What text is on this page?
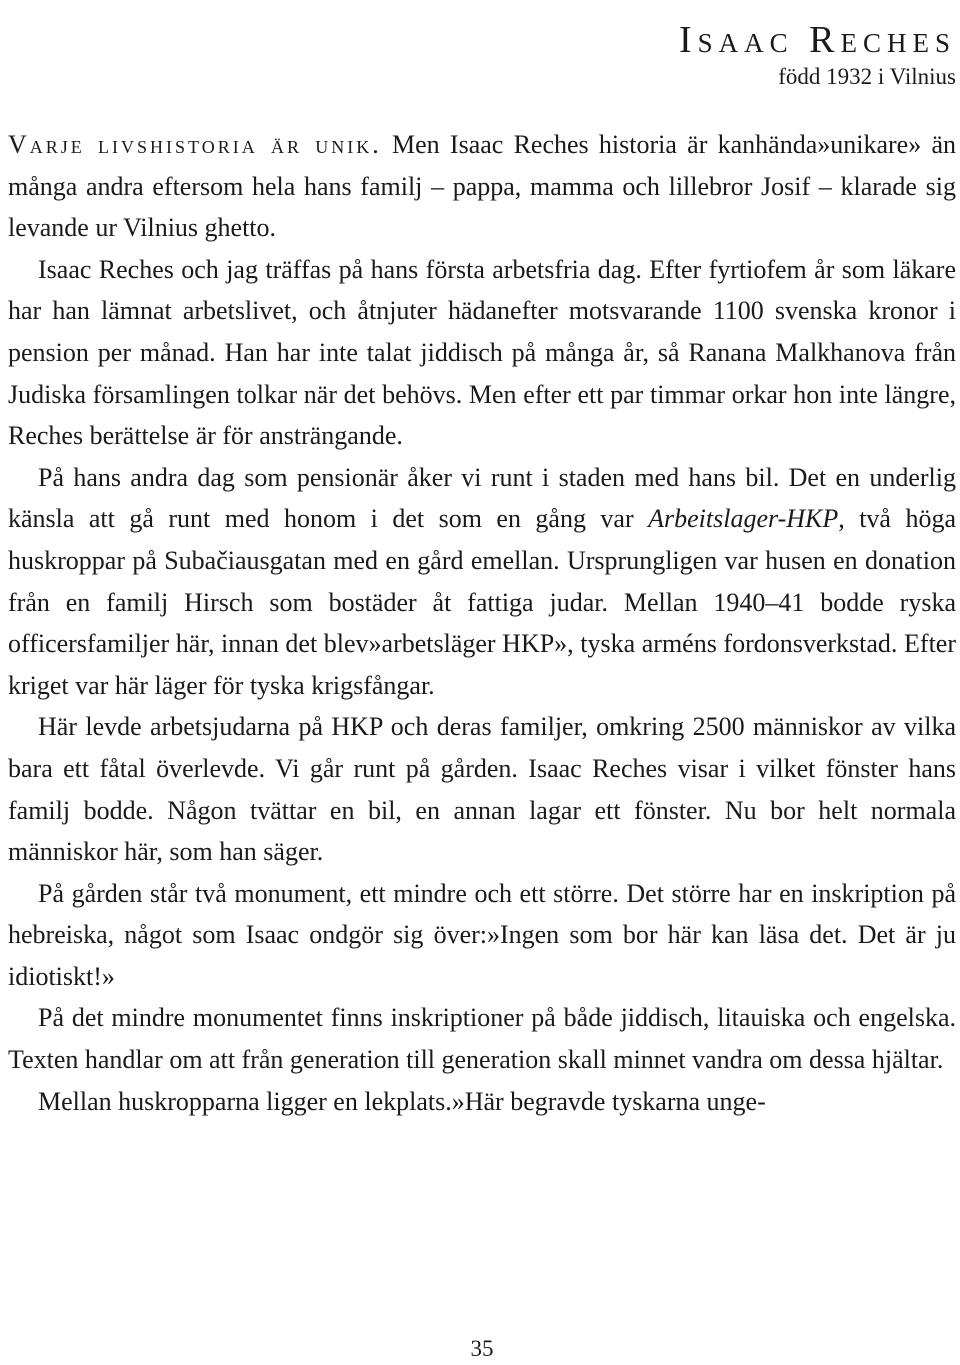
Isaac Reches
född 1932 i Vilnius

Varje livshistoria är unik. Men Isaac Reches historia är kanhända»unikare» än många andra eftersom hela hans familj – pappa, mamma och lillebror Josif – klarade sig levande ur Vilnius ghetto.

Isaac Reches och jag träffas på hans första arbetsfria dag. Efter fyrtiofem år som läkare har han lämnat arbetslivet, och åtnjuter hädanefter motsvarande 1100 svenska kronor i pension per månad. Han har inte talat jiddisch på många år, så Ranana Malkhanova från Judiska församlingen tolkar när det behövs. Men efter ett par timmar orkar hon inte längre, Reches berättelse är för ansträngande.

På hans andra dag som pensionär åker vi runt i staden med hans bil. Det en underlig känsla att gå runt med honom i det som en gång var Arbeitslager-HKP, två höga huskroppar på Subačiausgatan med en gård emellan. Ursprungligen var husen en donation från en familj Hirsch som bostäder åt fattiga judar. Mellan 1940–41 bodde ryska officersfamiljer här, innan det blev»arbetsläger HKP», tyska arméns fordonsverkstad. Efter kriget var här läger för tyska krigsfångar.

Här levde arbetsjudarna på HKP och deras familjer, omkring 2500 människor av vilka bara ett fåtal överlevde. Vi går runt på gården. Isaac Reches visar i vilket fönster hans familj bodde. Någon tvättar en bil, en annan lagar ett fönster. Nu bor helt normala människor här, som han säger.

På gården står två monument, ett mindre och ett större. Det större har en inskription på hebreiska, något som Isaac ondgör sig över:»Ingen som bor här kan läsa det. Det är ju idiotiskt!»

På det mindre monumentet finns inskriptioner på både jiddisch, litauiska och engelska. Texten handlar om att från generation till generation skall minnet vandra om dessa hjältar.

Mellan huskropparna ligger en lekplats.»Här begravde tyskarna unge-

35
